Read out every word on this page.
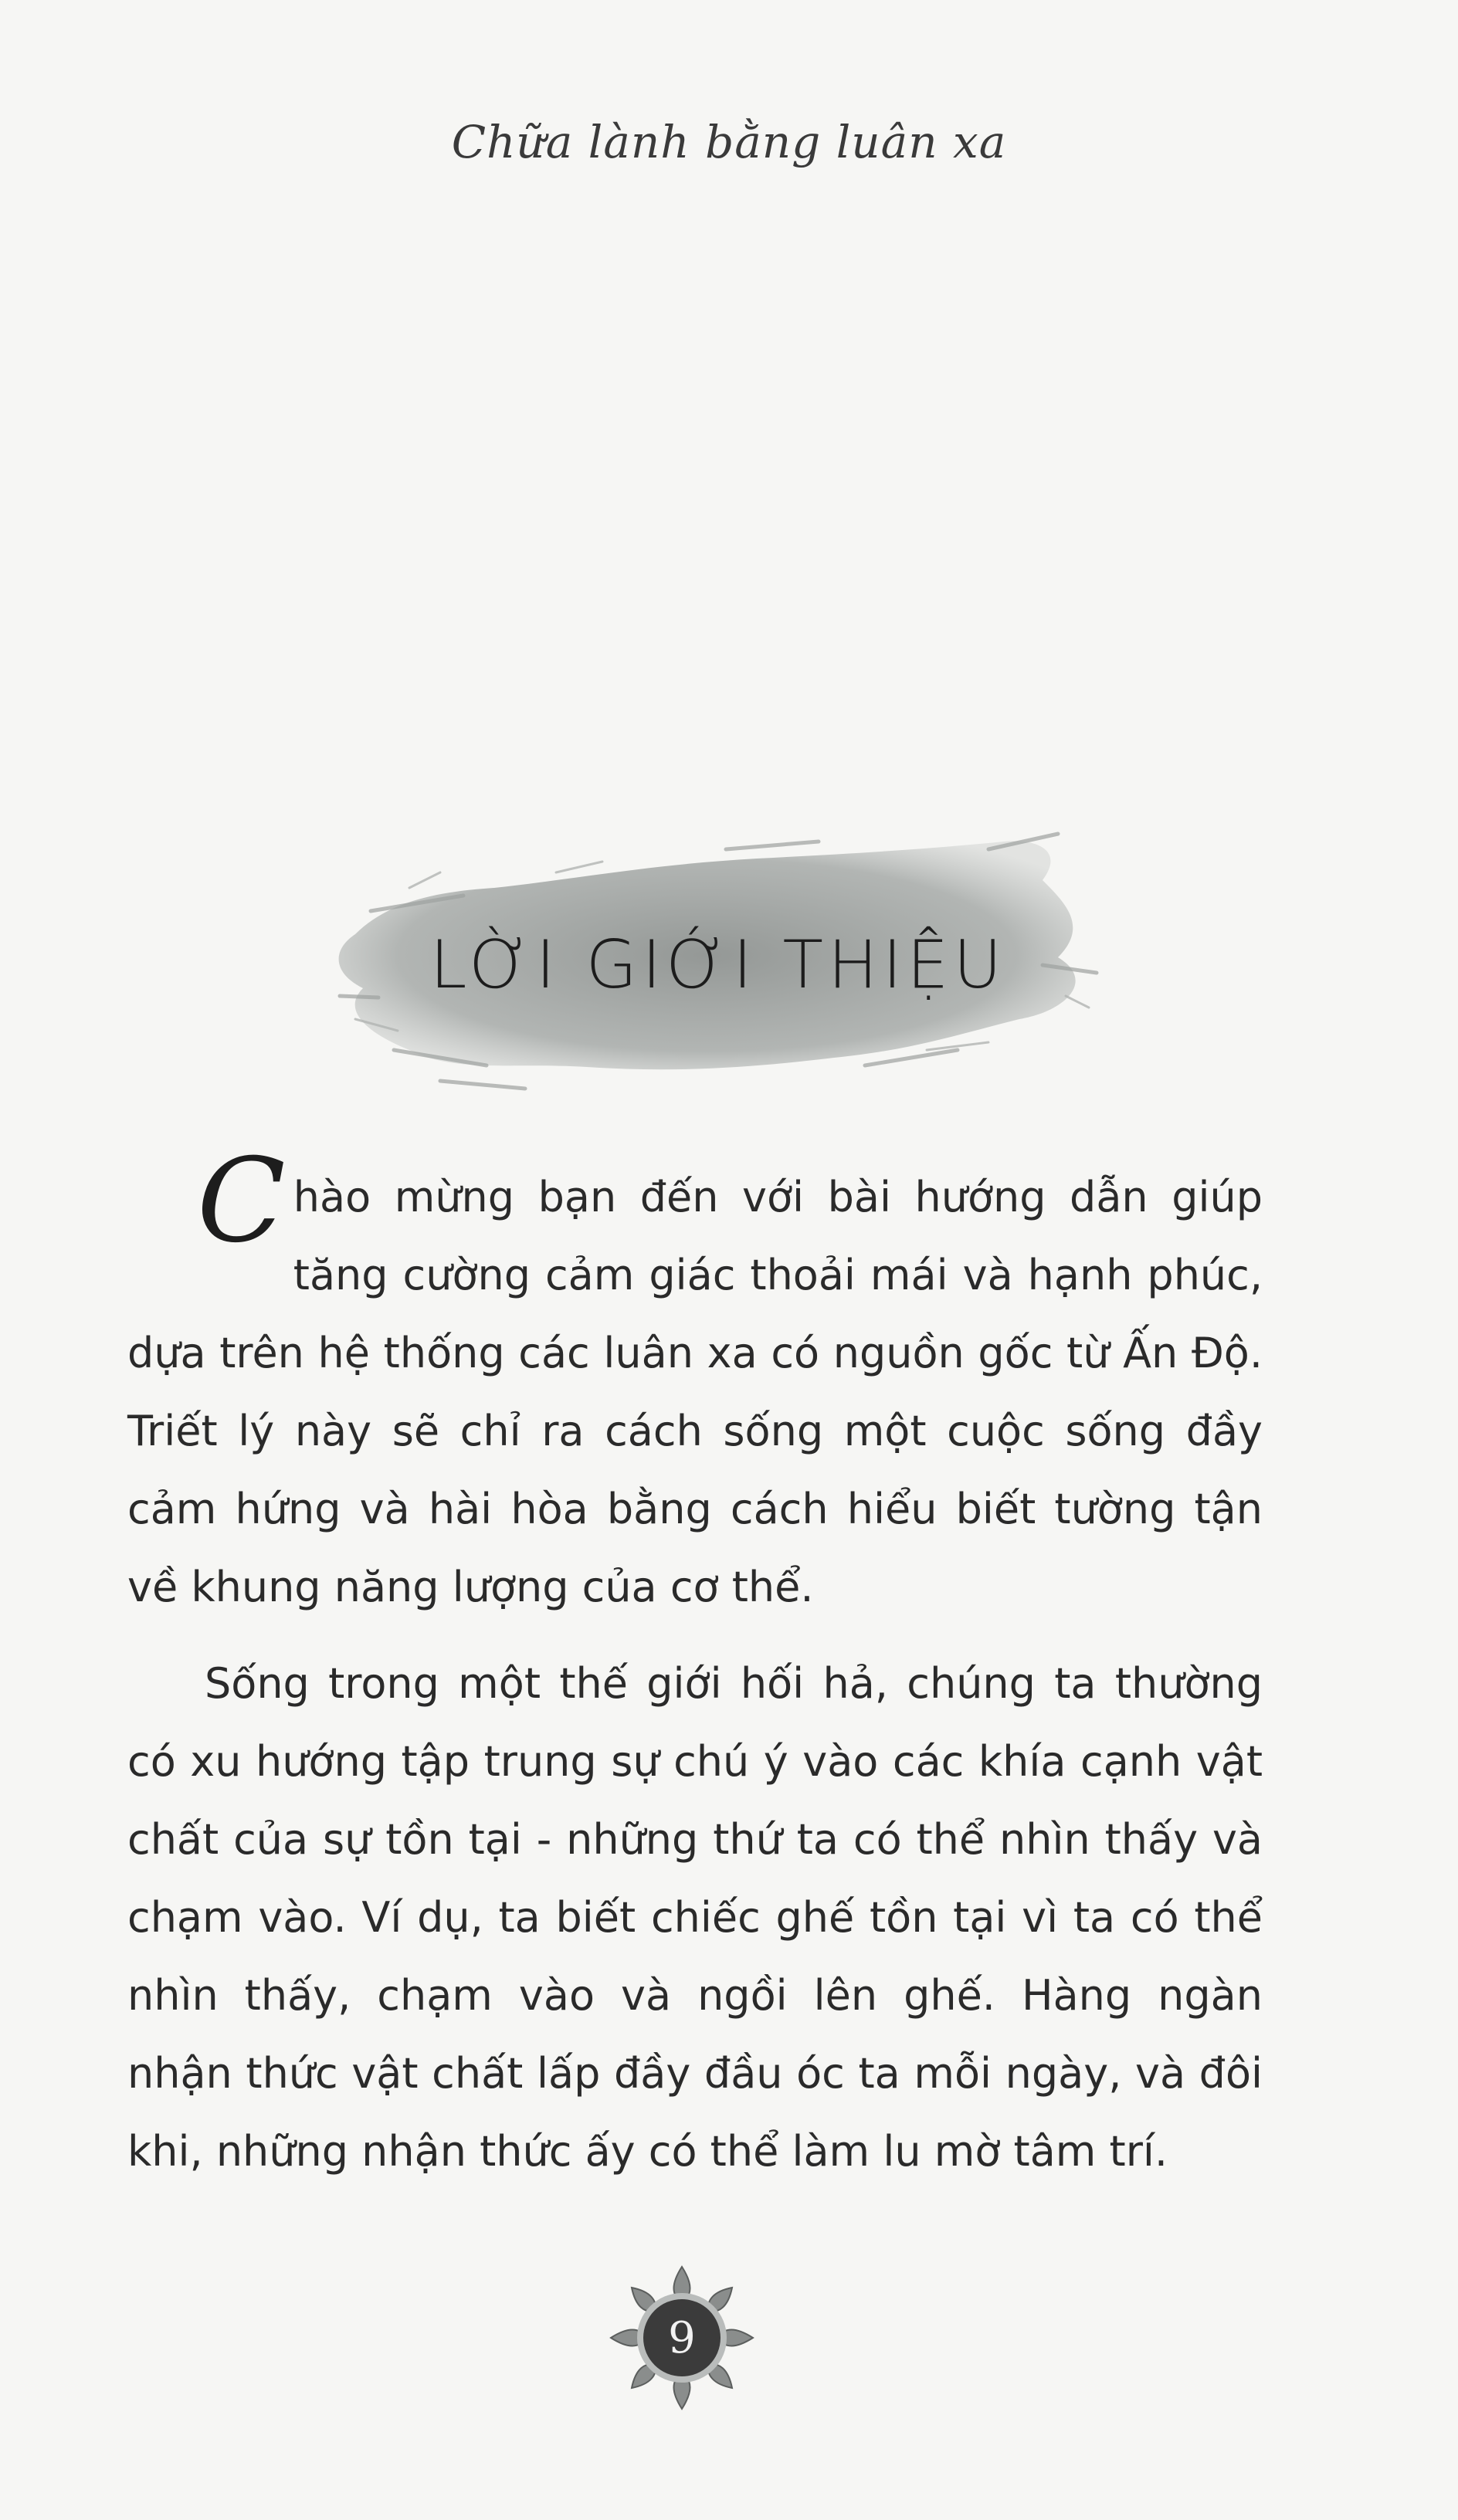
Chữa lành bằng luân xa
LỜI GIỚI THIỆU

Chào mừng bạn đến với bài hướng dẫn giúp tăng cường cảm giác thoải mái và hạnh phúc, dựa trên hệ thống các luân xa có nguồn gốc từ Ấn Độ. Triết lý này sẽ chỉ ra cách sống một cuộc sống đầy cảm hứng và hài hòa bằng cách hiểu biết tường tận về khung năng lượng của cơ thể.

Sống trong một thế giới hối hả, chúng ta thường có xu hướng tập trung sự chú ý vào các khía cạnh vật chất của sự tồn tại - những thứ ta có thể nhìn thấy và chạm vào. Ví dụ, ta biết chiếc ghế tồn tại vì ta có thể nhìn thấy, chạm vào và ngồi lên ghế. Hàng ngàn nhận thức vật chất lấp đầy đầu óc ta mỗi ngày, và đôi khi, những nhận thức ấy có thể làm lu mờ tâm trí.

9
